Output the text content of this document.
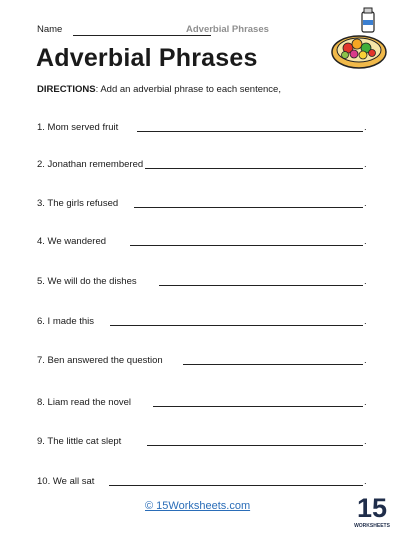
Name	Adverbial Phrases
Adverbial Phrases
DIRECTIONS: Add an adverbial phrase to each sentence,
1. Mom served fruit	.
2. Jonathan remembered	.
3. The girls refused	.
4. We wandered	.
5. We will do the dishes	.
6. I made this	.
7. Ben answered the question	.
8. Liam read the novel	.
9. The little cat slept	.
10. We all sat	.
© 15Worksheets.com	15
WORKSHEETS
